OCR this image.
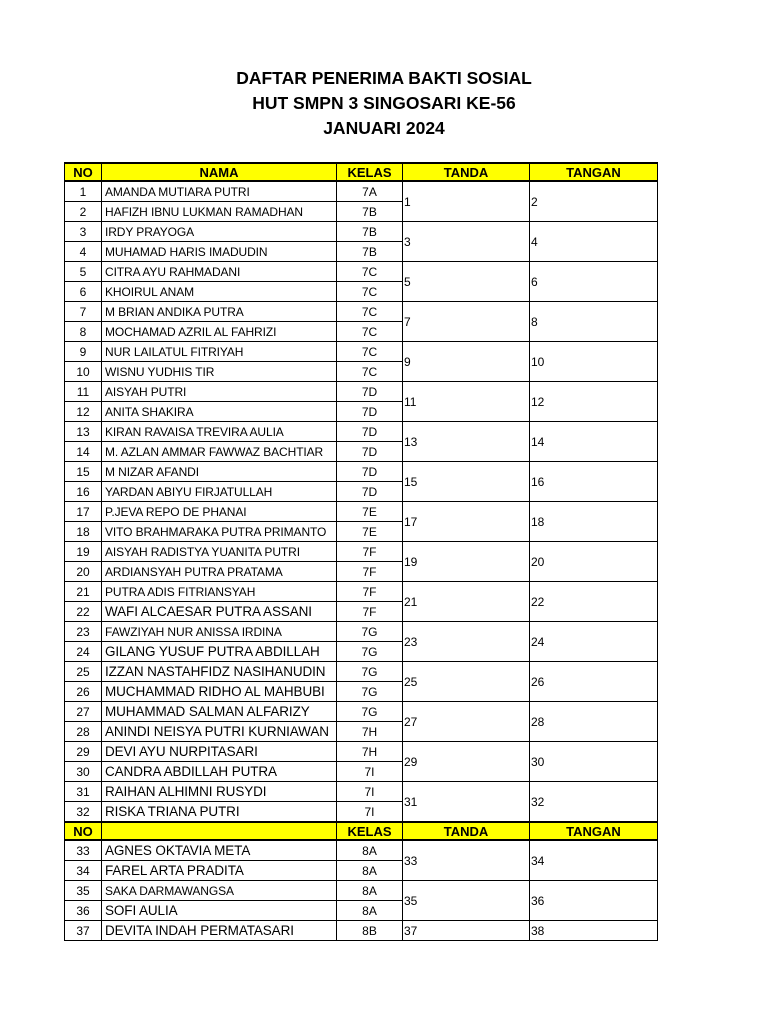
DAFTAR PENERIMA BAKTI SOSIAL
HUT SMPN 3 SINGOSARI KE-56
JANUARI 2024
NO	NAMA	KELAS	TANDA	TANGAN
1	AMANDA MUTIARA PUTRI	7A	1	2
2	HAFIZH IBNU LUKMAN RAMADHAN	7B		
3	IRDY PRAYOGA	7B	3	4
4	MUHAMAD HARIS IMADUDIN	7B		
5	CITRA AYU RAHMADANI	7C	5	6
6	KHOIRUL ANAM	7C		
7	M BRIAN ANDIKA PUTRA	7C	7	8
8	MOCHAMAD AZRIL AL FAHRIZI	7C		
9	NUR LAILATUL FITRIYAH	7C	9	10
10	WISNU YUDHIS TIR	7C		
11	AISYAH PUTRI	7D	11	12
12	ANITA SHAKIRA	7D		
13	KIRAN RAVAISA TREVIRA AULIA	7D	13	14
14	M. AZLAN AMMAR FAWWAZ BACHTIAR	7D		
15	M NIZAR AFANDI	7D	15	16
16	YARDAN ABIYU FIRJATULLAH	7D		
17	P.JEVA REPO DE PHANAI	7E	17	18
18	VITO BRAHMARAKA PUTRA PRIMANTO	7E		
19	AISYAH RADISTYA YUANITA PUTRI	7F	19	20
20	ARDIANSYAH PUTRA PRATAMA	7F		
21	PUTRA ADIS FITRIANSYAH	7F	21	22
22	WAFI ALCAESAR PUTRA ASSANI	7F		
23	FAWZIYAH NUR ANISSA IRDINA	7G	23	24
24	GILANG YUSUF PUTRA ABDILLAH	7G		
25	IZZAN NASTAHFIDZ NASIHANUDIN	7G	25	26
26	MUCHAMMAD RIDHO AL MAHBUBI	7G		
27	MUHAMMAD SALMAN ALFARIZY	7G	27	28
28	ANINDI NEISYA PUTRI KURNIAWAN	7H		
29	DEVI AYU NURPITASARI	7H	29	30
30	CANDRA ABDILLAH PUTRA	7I		
31	RAIHAN ALHIMNI RUSYDI	7I	31	32
32	RISKA TRIANA PUTRI	7I		
NO		KELAS	TANDA	TANGAN
33	AGNES OKTAVIA META	8A	33	34
34	FAREL ARTA PRADITA	8A		
35	SAKA DARMAWANGSA	8A	35	36
36	SOFI AULIA	8A		
37	DEVITA INDAH PERMATASARI	8B	37	38
